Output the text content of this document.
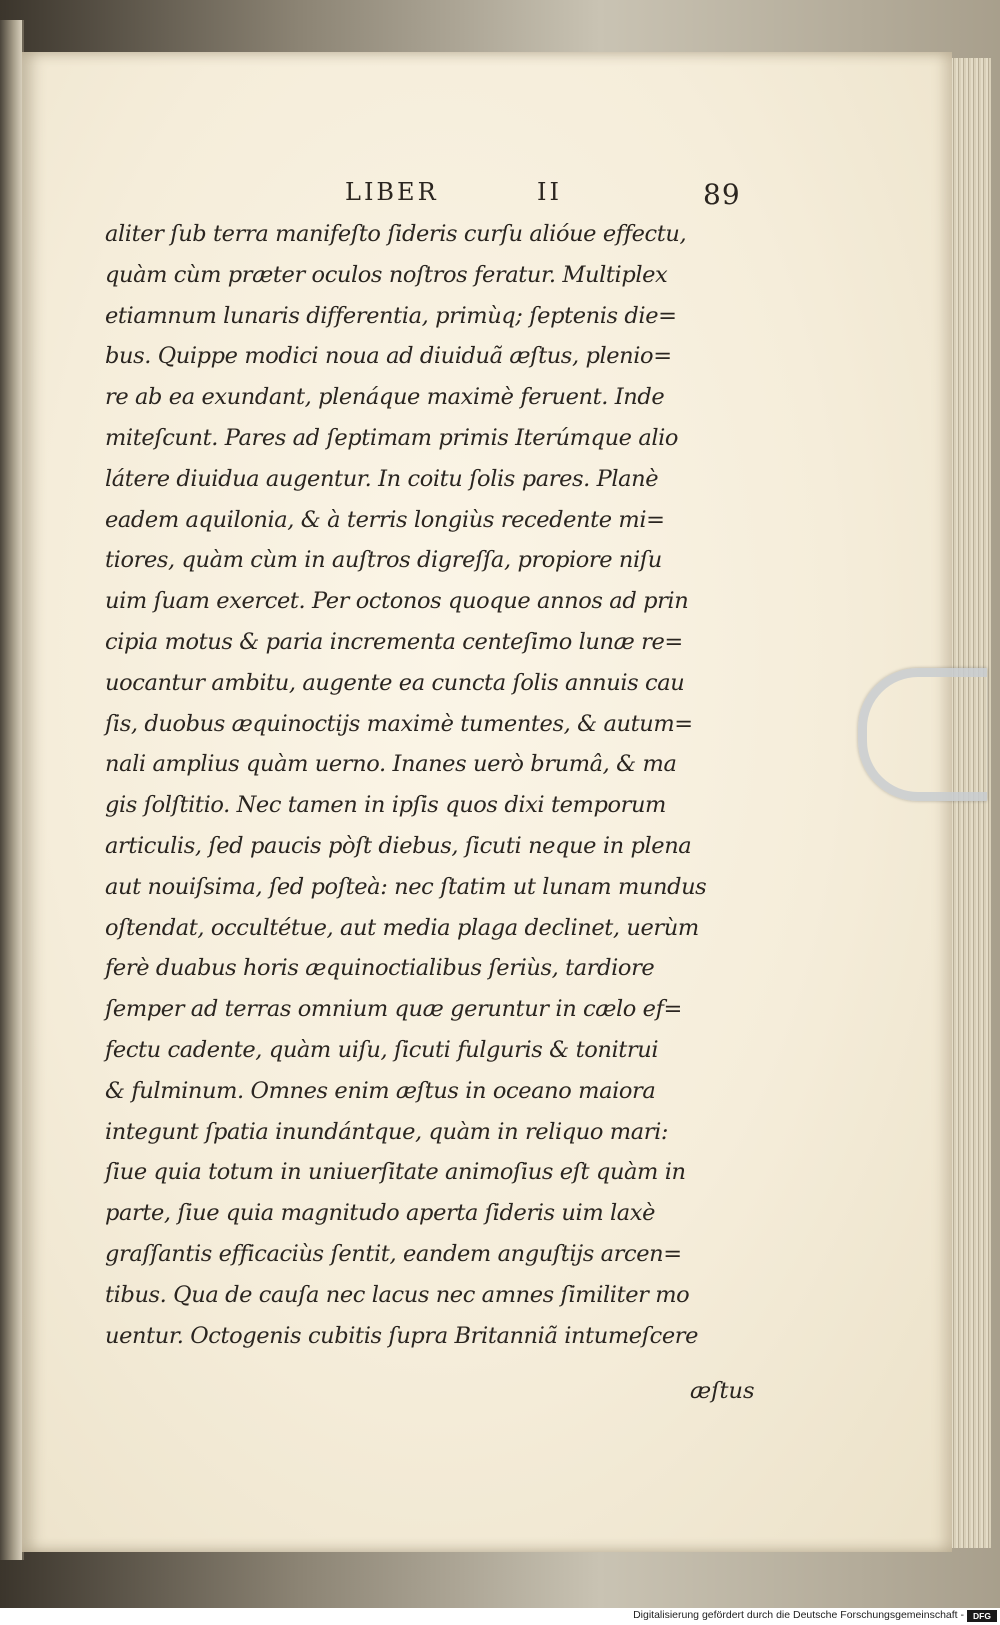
LIBER	II	89
aliter ſub terra manifeſto ſideris curſu alióue effectu,
quàm cùm præter oculos noſtros feratur. Multiplex
etiamnum lunaris differentia, primùq; ſeptenis die=
bus. Quippe modici noua ad diuiduã æſtus, plenio=
re ab ea exundant, plenáque maximè feruent. Inde
miteſcunt. Pares ad ſeptimam primis Iterúmque alio
látere diuidua augentur. In coitu ſolis pares. Planè
eadem aquilonia, & à terris longiùs recedente mi=
tiores, quàm cùm in auſtros digreſſa, propiore niſu
uim ſuam exercet. Per octonos quoque annos ad prin
cipia motus & paria incrementa centeſimo lunæ re=
uocantur ambitu, augente ea cuncta ſolis annuis cau
ſis, duobus æquinoctijs maximè tumentes, & autum=
nali amplius quàm uerno. Inanes uerò brumâ, & ma
gis ſolſtitio. Nec tamen in ipſis quos dixi temporum
articulis, ſed paucis pòſt diebus, ſicuti neque in plena
aut nouiſsima, ſed poſteà: nec ſtatim ut lunam mundus
oſtendat, occultétue, aut media plaga declinet, uerùm
ferè duabus horis æquinoctialibus ſeriùs, tardiore
ſemper ad terras omnium quæ geruntur in cælo ef=
fectu cadente, quàm uiſu, ſicuti fulguris & tonitrui
& fulminum. Omnes enim æſtus in oceano maiora
integunt ſpatia inundántque, quàm in reliquo mari:
ſiue quia totum in uniuerſitate animoſius eſt quàm in
parte, ſiue quia magnitudo aperta ſideris uim laxè
graſſantis efficaciùs ſentit, eandem anguſtijs arcen=
tibus. Qua de cauſa nec lacus nec amnes ſimiliter mo
uentur. Octogenis cubitis ſupra Britanniã intumeſcere
æſtus
Digitalisierung gefördert durch die Deutsche Forschungsgemeinschaft -	DFG
